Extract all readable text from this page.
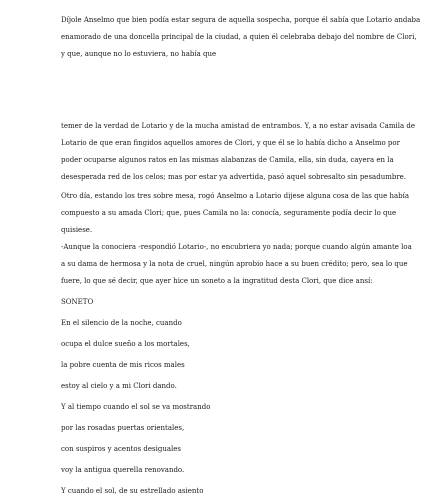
Díjole Anselmo que bien podía estar segura de aquella sospecha, porque él sabía que Lotario andaba
enamorado de una doncella principal de la ciudad, a quien él celebraba debajo del nombre de Clori,
y que, aunque no lo estuviera, no había que

temer de la verdad de Lotario y de la mucha amistad de entrambos. Y, a no estar avisada Camila de
Lotario de que eran fingidos aquellos amores de Clori, y que él se lo había dicho a Anselmo por
poder ocuparse algunos ratos en las mismas alabanzas de Camila, ella, sin duda, cayera en la
desesperada red de los celos; mas por estar ya advertida, pasó aquel sobresalto sin pesadumbre.

Otro día, estando los tres sobre mesa, rogó Anselmo a Lotario dijese alguna cosa de las que había
compuesto a su amada Clori; que, pues Camila no la: conocía, seguramente podía decir lo que
quisiese.

-Aunque la conociera -respondió Lotario-, no encubriera yo nada; porque cuando algún amante loa
a su dama de hermosa y la nota de cruel, ningún aprobio hace a su buen crédito; pero, sea lo que
fuere, lo que sé decir, que ayer hice un soneto a la ingratitud desta Clori, que dice ansí:

SONETO

En el silencio de la noche, cuando

ocupa el dulce sueño a los mortales,

la pobre cuenta de mis ricos males

estoy al cielo y a mi Clori dando.

Y al tiempo cuando el sol se va mostrando

por las rosadas puertas orientales,

con suspiros y acentos desiguales

voy la antigua querella renovando.

Y cuando el sol, de su estrellado asiento
